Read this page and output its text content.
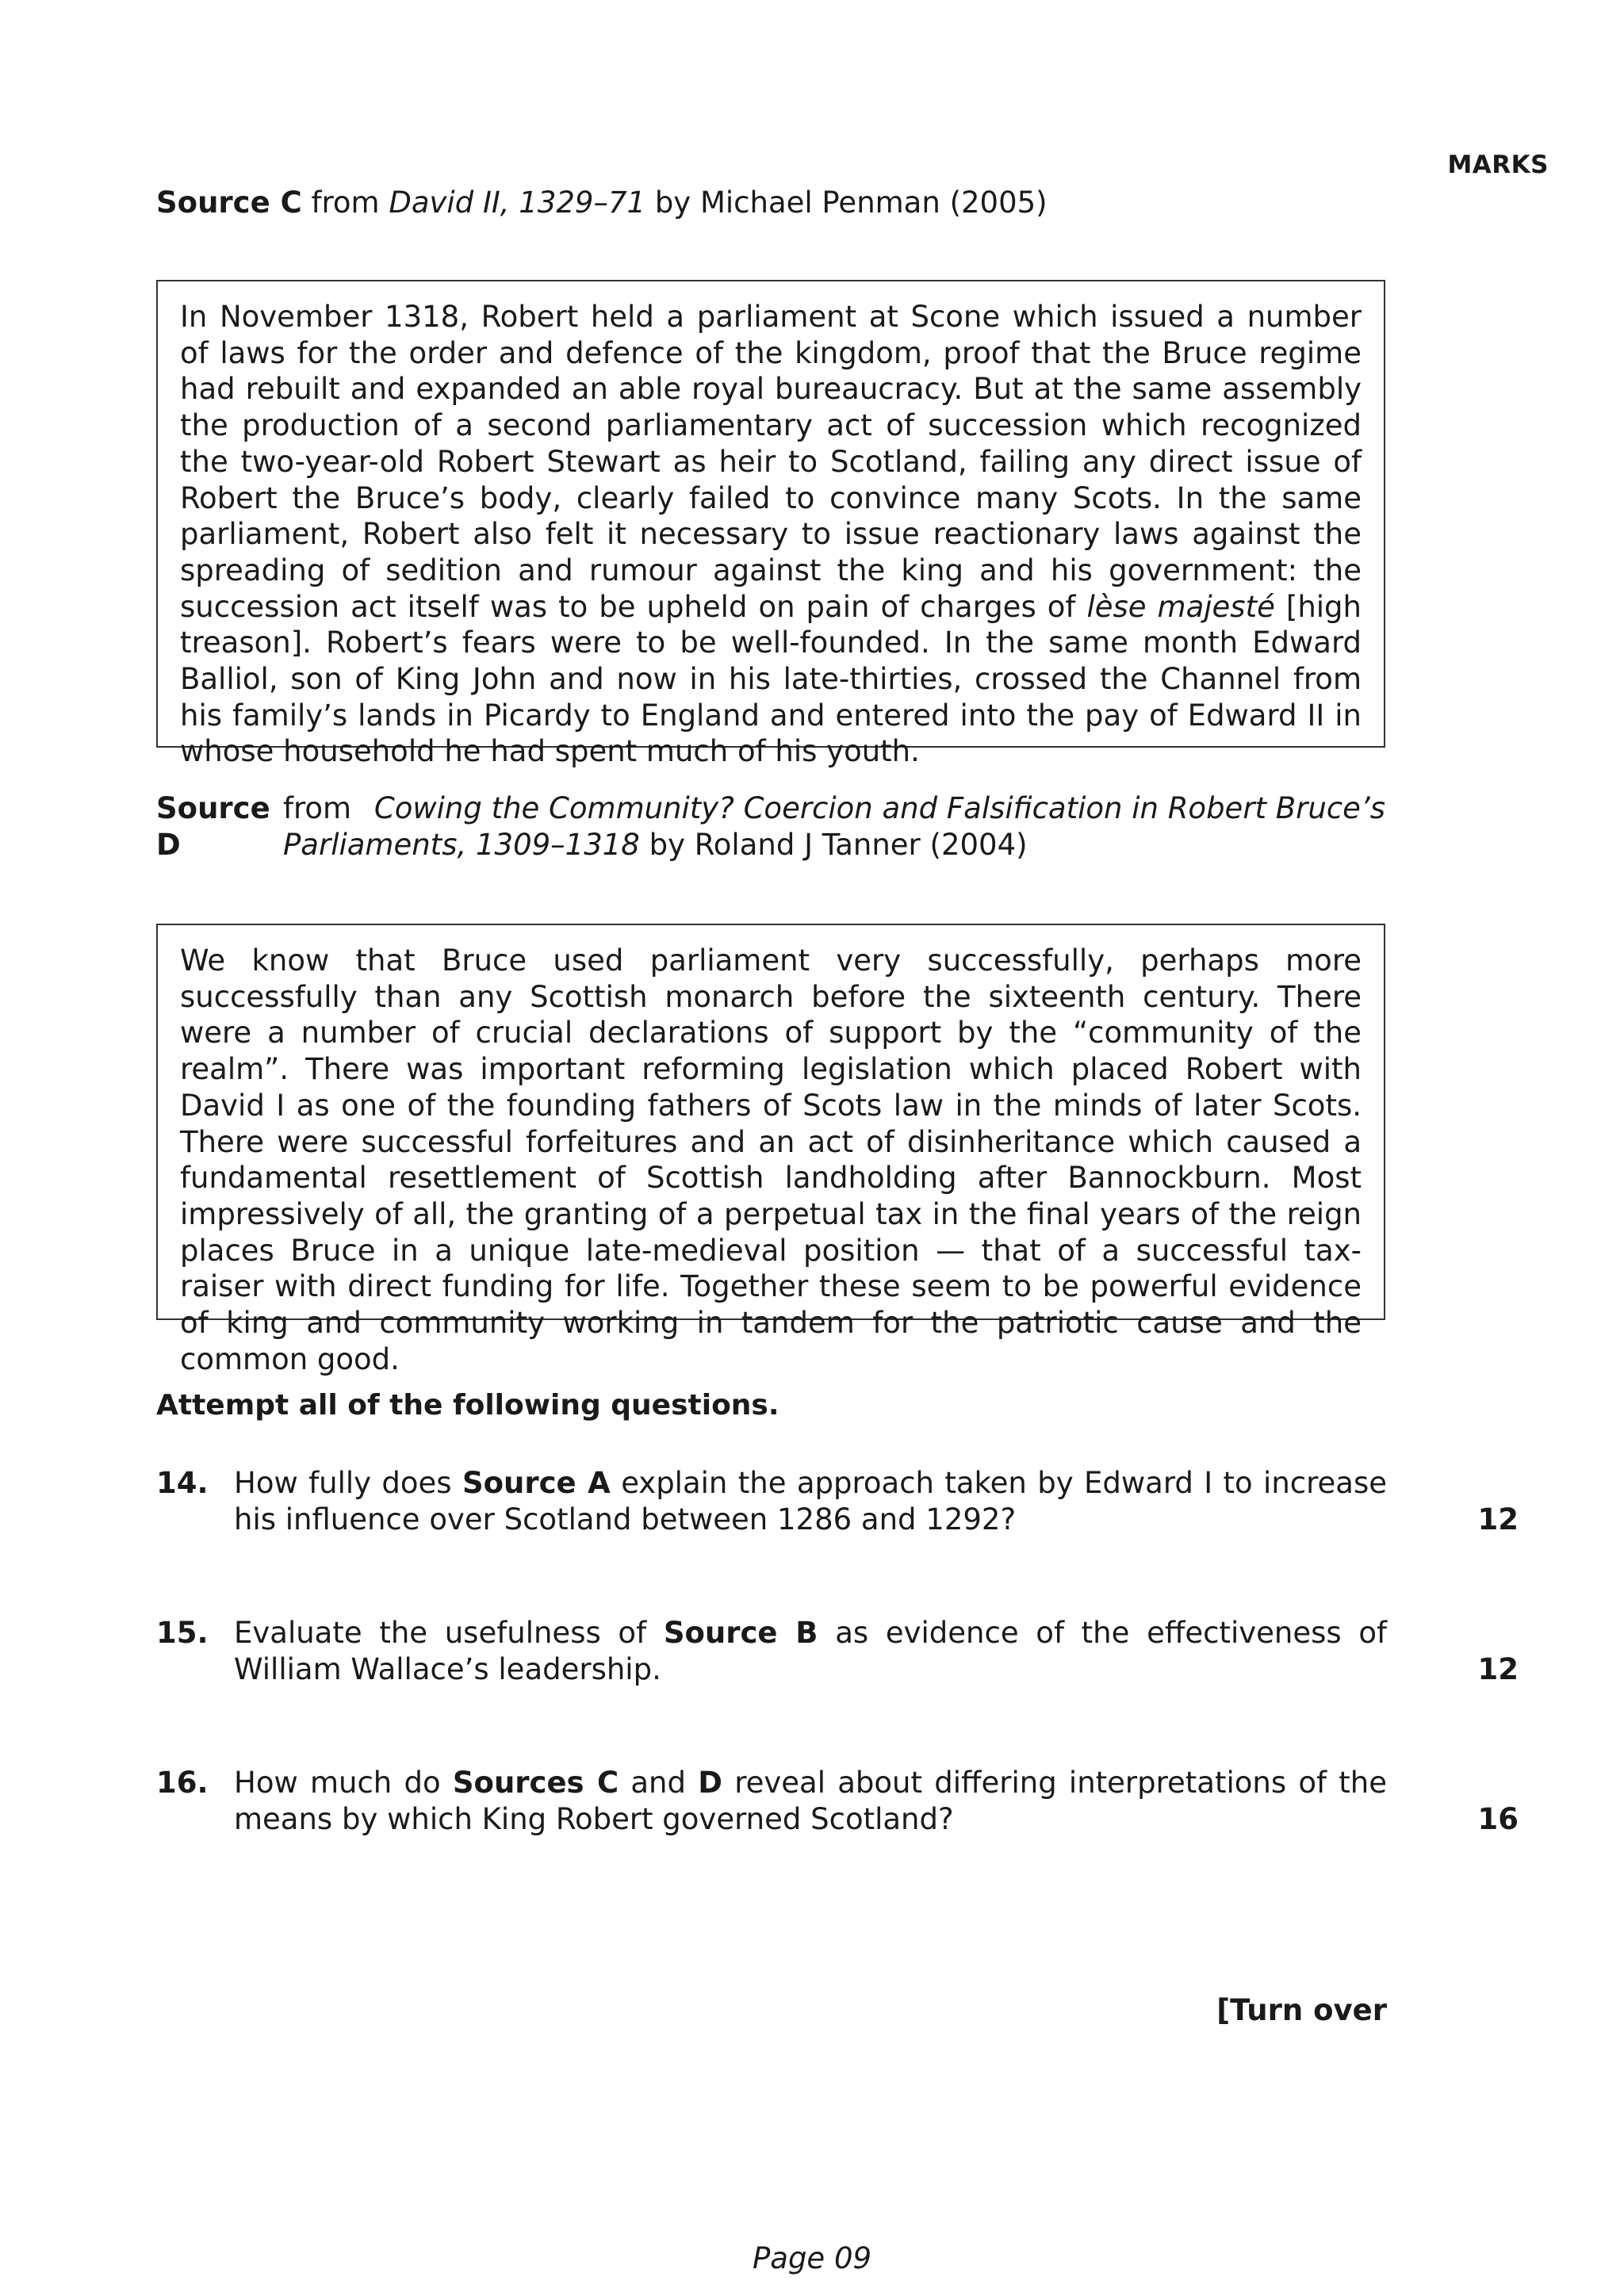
MARKS
Source C from David II, 1329–71 by Michael Penman (2005)

In November 1318, Robert held a parliament at Scone which issued a number of laws for the order and defence of the kingdom, proof that the Bruce regime had rebuilt and expanded an able royal bureaucracy. But at the same assembly the production of a second parliamentary act of succession which recognized the two-year-old Robert Stewart as heir to Scotland, failing any direct issue of Robert the Bruce’s body, clearly failed to convince many Scots. In the same parliament, Robert also felt it necessary to issue reactionary laws against the spreading of sedition and rumour against the king and his government: the succession act itself was to be upheld on pain of charges of lèse majesté [high treason]. Robert’s fears were to be well-founded. In the same month Edward Balliol, son of King John and now in his late-thirties, crossed the Channel from his family’s lands in Picardy to England and entered into the pay of Edward II in whose household he had spent much of his youth.

Source D
from Cowing the Community? Coercion and Falsification in Robert Bruce’s
Parliaments, 1309–1318 by Roland J Tanner (2004)

We know that Bruce used parliament very successfully, perhaps more successfully than any Scottish monarch before the sixteenth century. There were a number of crucial declarations of support by the “community of the realm”. There was important reforming legislation which placed Robert with David I as one of the founding fathers of Scots law in the minds of later Scots. There were successful forfeitures and an act of disinheritance which caused a fundamental resettlement of Scottish landholding after Bannockburn. Most impressively of all, the granting of a perpetual tax in the final years of the reign places Bruce in a unique late-medieval position — that of a successful tax-raiser with direct funding for life. Together these seem to be powerful evidence of king and community working in tandem for the patriotic cause and the common good.

Attempt all of the following questions.
14. How fully does Source A explain the approach taken by Edward I to increase his influence over Scotland between 1286 and 1292?	12
15. Evaluate the usefulness of Source B as evidence of the effectiveness of William Wallace’s leadership.	12
16. How much do Sources C and D reveal about differing interpretations of the means by which King Robert governed Scotland?	16
[Turn over
Page 09
